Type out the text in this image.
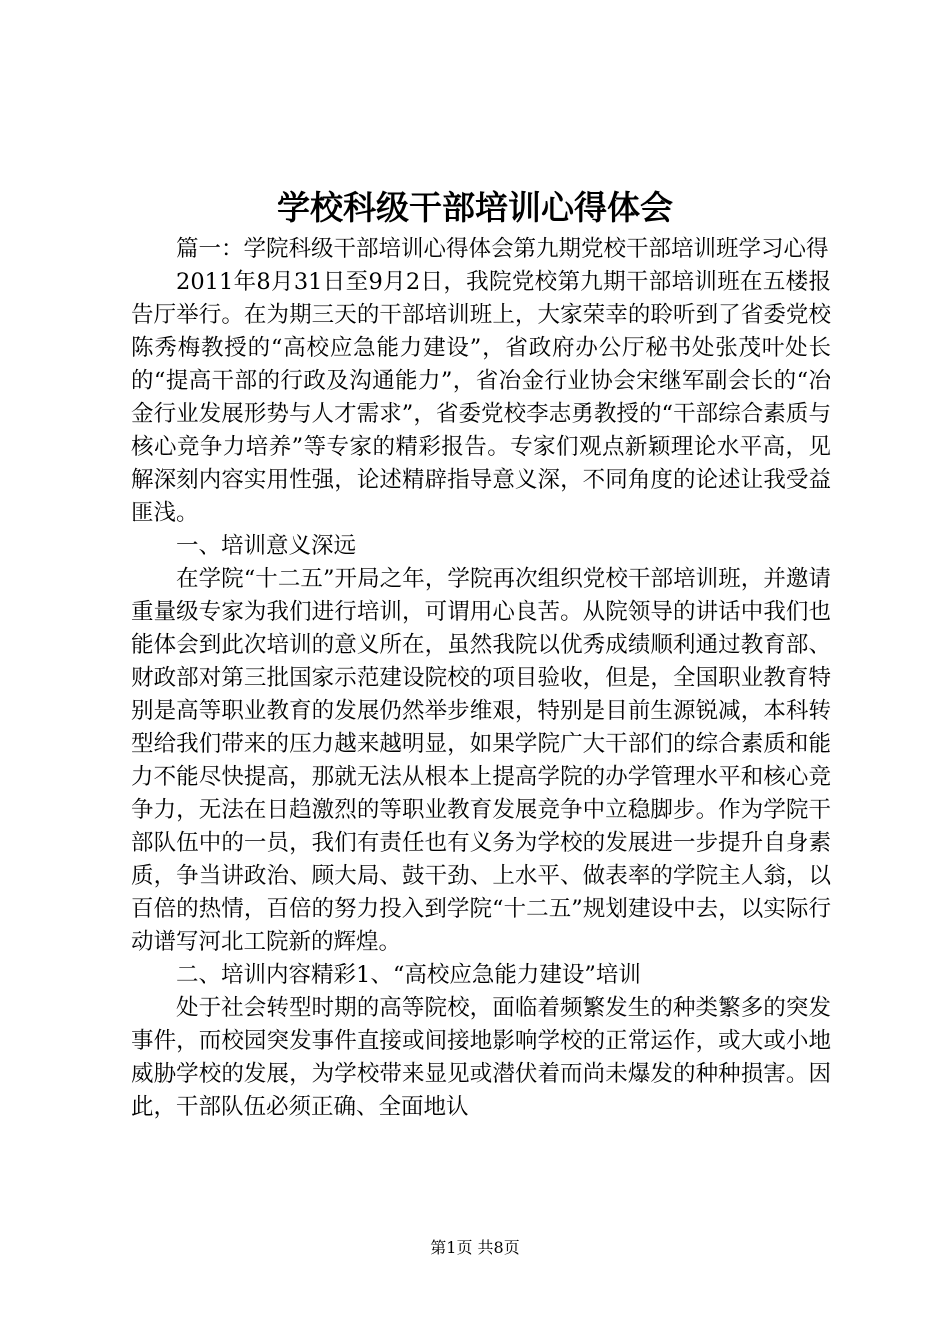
学校科级干部培训心得体会

篇一：学院科级干部培训心得体会第九期党校干部培训班学习心得

2011年8月31日至9月2日，我院党校第九期干部培训班在五楼报告厅举行。在为期三天的干部培训班上，大家荣幸的聆听到了省委党校陈秀梅教授的“高校应急能力建设”，省政府办公厅秘书处张茂叶处长的“提高干部的行政及沟通能力”，省冶金行业协会宋继军副会长的“冶金行业发展形势与人才需求”，省委党校李志勇教授的“干部综合素质与核心竞争力培养”等专家的精彩报告。专家们观点新颖理论水平高，见解深刻内容实用性强，论述精辟指导意义深，不同角度的论述让我受益匪浅。

一、培训意义深远

在学院“十二五”开局之年，学院再次组织党校干部培训班，并邀请重量级专家为我们进行培训，可谓用心良苦。从院领导的讲话中我们也能体会到此次培训的意义所在，虽然我院以优秀成绩顺利通过教育部、财政部对第三批国家示范建设院校的项目验收，但是，全国职业教育特别是高等职业教育的发展仍然举步维艰，特别是目前生源锐减，本科转型给我们带来的压力越来越明显，如果学院广大干部们的综合素质和能力不能尽快提高，那就无法从根本上提高学院的办学管理水平和核心竞争力，无法在日趋激烈的等职业教育发展竞争中立稳脚步。作为学院干部队伍中的一员，我们有责任也有义务为学校的发展进一步提升自身素质，争当讲政治、顾大局、鼓干劲、上水平、做表率的学院主人翁，以百倍的热情，百倍的努力投入到学院“十二五”规划建设中去，以实际行动谱写河北工院新的辉煌。

二、培训内容精彩1、“高校应急能力建设”培训

处于社会转型时期的高等院校，面临着频繁发生的种类繁多的突发事件，而校园突发事件直接或间接地影响学校的正常运作，或大或小地威胁学校的发展，为学校带来显见或潜伏着而尚未爆发的种种损害。因此，干部队伍必须正确、全面地认

第1页 共8页
